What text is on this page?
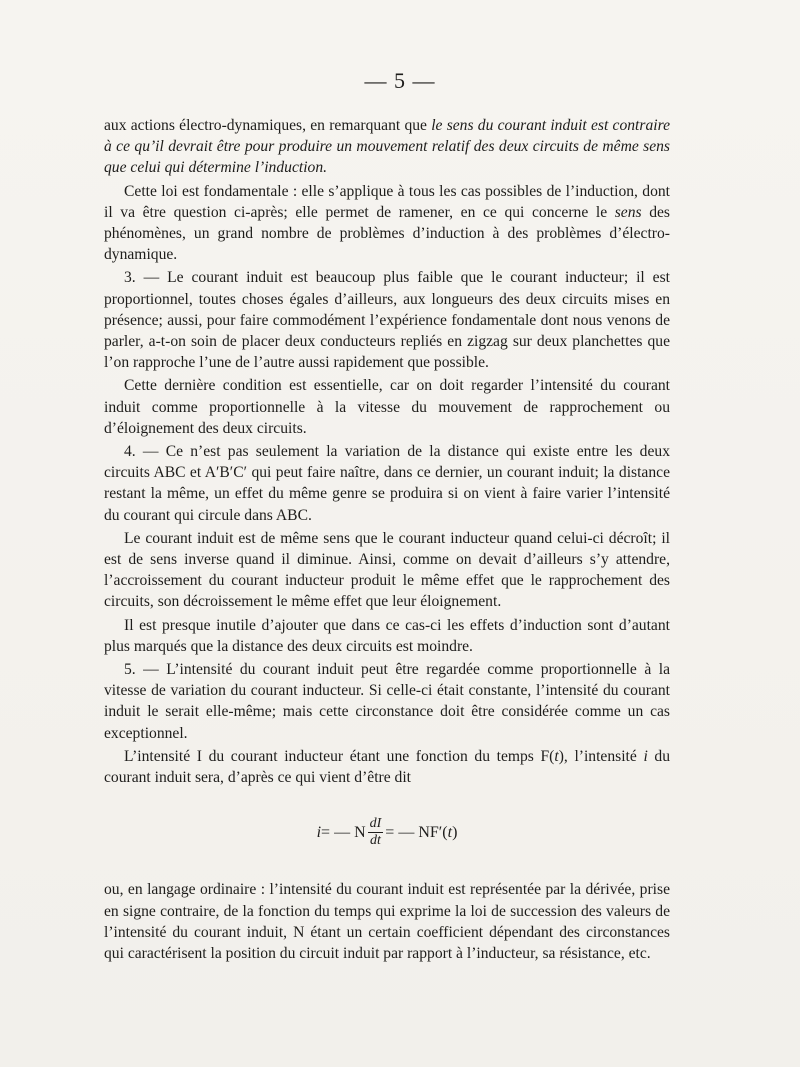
— 5 —

aux actions électro-dynamiques, en remarquant que le sens du courant induit est contraire à ce qu’il devrait être pour produire un mouvement relatif des deux circuits de même sens que celui qui détermine l’induction.

Cette loi est fondamentale : elle s’applique à tous les cas possibles de l’induction, dont il va être question ci-après; elle permet de ramener, en ce qui concerne le sens des phénomènes, un grand nombre de problèmes d’induction à des problèmes d’électro-dynamique.

3. — Le courant induit est beaucoup plus faible que le courant inducteur; il est proportionnel, toutes choses égales d’ailleurs, aux longueurs des deux circuits mises en présence; aussi, pour faire commodément l’expérience fondamentale dont nous venons de parler, a-t-on soin de placer deux conducteurs repliés en zigzag sur deux planchettes que l’on rapproche l’une de l’autre aussi rapidement que possible.

Cette dernière condition est essentielle, car on doit regarder l’intensité du courant induit comme proportionnelle à la vitesse du mouvement de rapprochement ou d’éloignement des deux circuits.

4. — Ce n’est pas seulement la variation de la distance qui existe entre les deux circuits ABC et A′B′C′ qui peut faire naître, dans ce dernier, un courant induit; la distance restant la même, un effet du même genre se produira si on vient à faire varier l’intensité du courant qui circule dans ABC.

Le courant induit est de même sens que le courant inducteur quand celui-ci décroît; il est de sens inverse quand il diminue. Ainsi, comme on devait d’ailleurs s’y attendre, l’accroissement du courant inducteur produit le même effet que le rapprochement des circuits, son décroissement le même effet que leur éloignement.

Il est presque inutile d’ajouter que dans ce cas-ci les effets d’induction sont d’autant plus marqués que la distance des deux circuits est moindre.

5. — L’intensité du courant induit peut être regardée comme proportionnelle à la vitesse de variation du courant inducteur. Si celle-ci était constante, l’intensité du courant induit le serait elle-même; mais cette circonstance doit être considérée comme un cas exceptionnel.

L’intensité I du courant inducteur étant une fonction du temps F(t), l’intensité i du courant induit sera, d’après ce qui vient d’être dit

i = — N $\frac{dI}{dt}$ = — NF′( t )

ou, en langage ordinaire : l’intensité du courant induit est représentée par la dérivée, prise en signe contraire, de la fonction du temps qui exprime la loi de succession des valeurs de l’intensité du courant induit, N étant un certain coefficient dépendant des circonstances qui caractérisent la position du circuit induit par rapport à l’inducteur, sa résistance, etc.
